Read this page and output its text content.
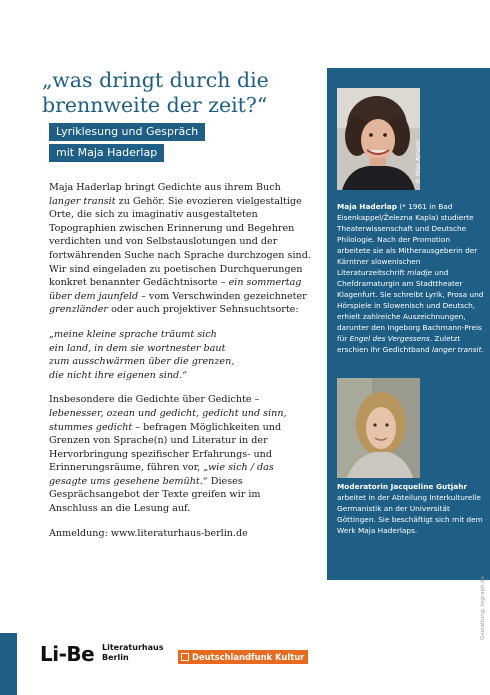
„was dringt durch die brennweite der zeit?“
Lyriklesung und Gespräch
mit Maja Haderlap

Maja Haderlap bringt Gedichte aus ihrem Buch langer transit zu Gehör. Sie evozieren vielgestaltige Orte, die sich zu imaginativ ausgestalteten Topographien zwischen Erinnerung und Begehren verdichten und von Selbstauslotungen und der fortwährenden Suche nach Sprache durchzogen sind. Wir sind eingeladen zu poetischen Durchquerungen konkret benannter Gedächtnisorte – ein sommertag über dem jaunfeld – vom Verschwinden gezeichneter grenzländer oder auch projektiver Sehnsuchtsorte:

„meine kleine sprache träumt sich
ein land, in dem sie wortnester baut
zum ausschwärmen über die grenzen,
die nicht ihre eigenen sind.“

Insbesondere die Gedichte über Gedichte – lebenesser, ozean und gedicht, gedicht und sinn, stummes gedicht – befragen Möglichkeiten und Grenzen von Sprache(n) und Literatur in der Hervorbringung spezifischer Erfahrungs- und Erinnerungsräume, führen vor, „wie sich / das gesagte ums gesehene bemüht.“ Dieses Gesprächsangebot der Texte greifen wir im Anschluss an die Lesung auf.

Anmeldung: www.literaturhaus-berlin.de

© Max Amann
Maja Haderlap (* 1961 in Bad Eisenkappel/Železna Kapla) studierte Theaterwissenschaft und Deutsche Philologie. Nach der Promotion arbeitete sie als Mitherausgeberin der Kärntner slowenischen Literaturzeitschrift mladje und Chefdramaturgin am Stadttheater Klagenfurt. Sie schreibt Lyrik, Prosa und Hörspiele in Slowenisch und Deutsch, erhielt zahlreiche Auszeichnungen, darunter den Ingeborg Bachmann-Preis für Engel des Vergessens. Zuletzt erschien ihr Gedichtband langer transit.
Moderatorin Jacqueline Gutjahr arbeitet in der Abteilung Interkulturelle Germanistik an der Universität Göttingen. Sie beschäftigt sich mit dem Werk Maja Haderlaps.
Li-Be Literaturhaus
Berlin	Deutschlandfunk Kultur
Gestaltung: tegraph.de
